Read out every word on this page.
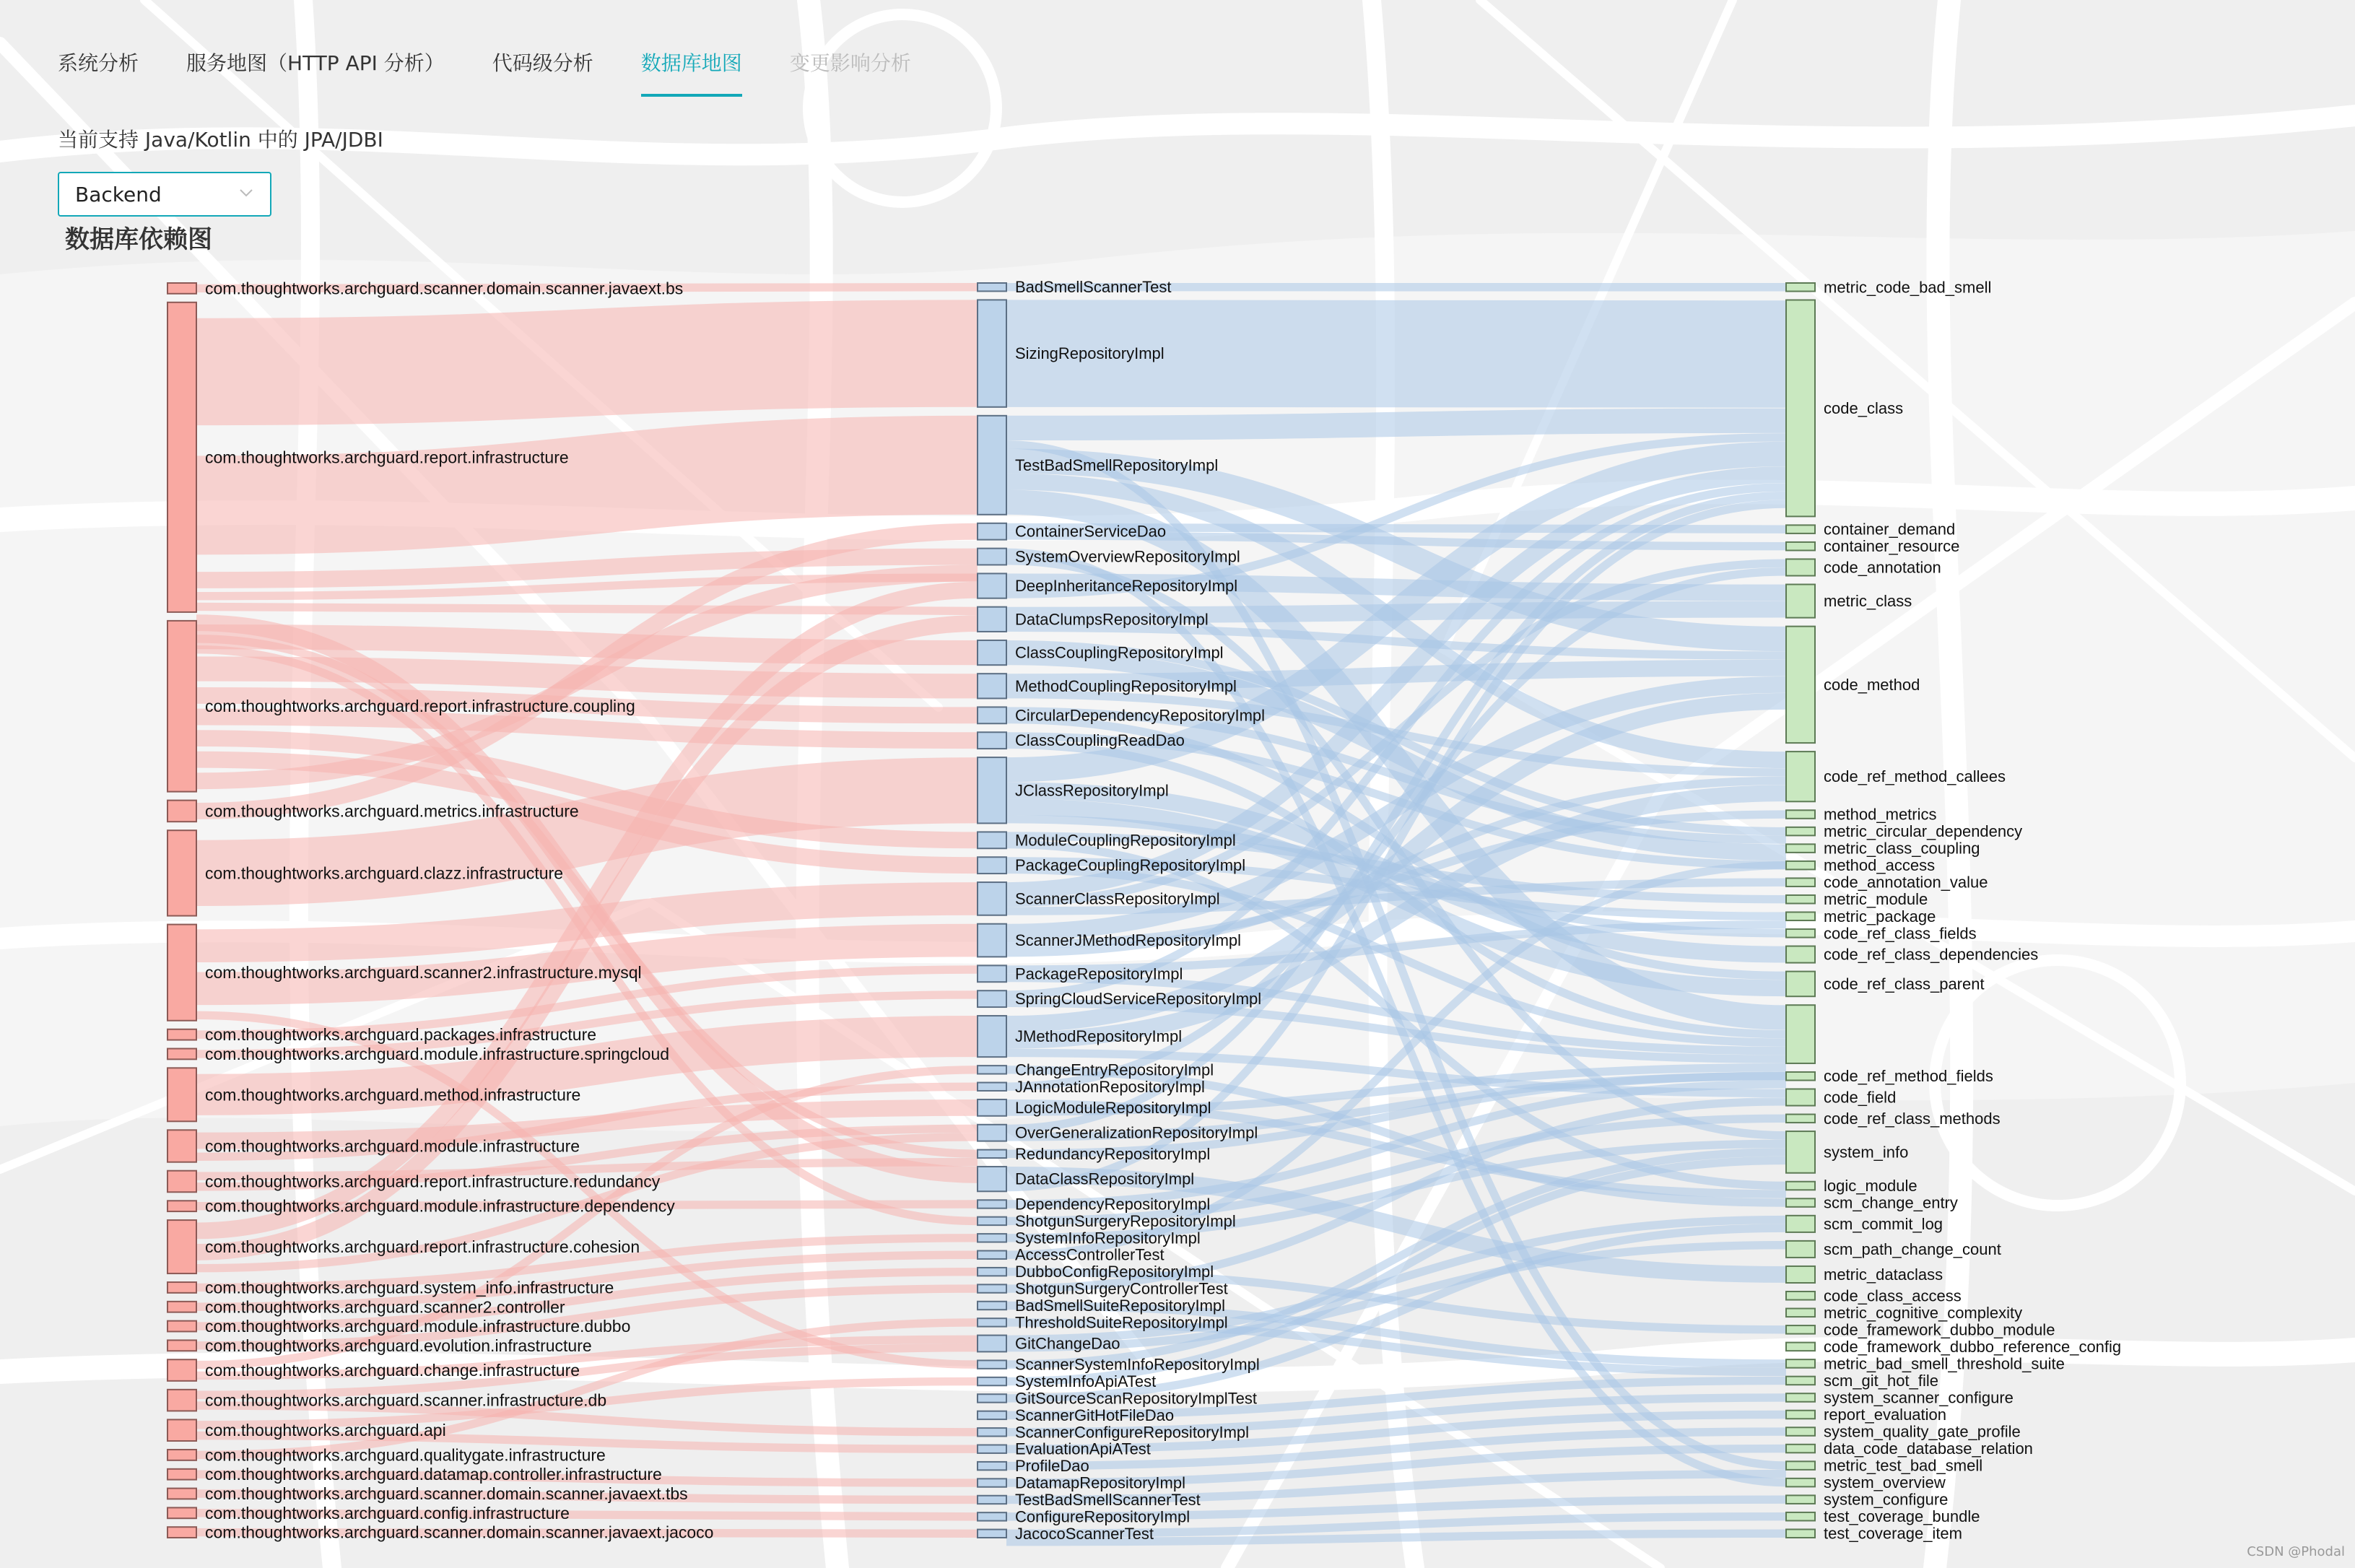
系统分析 服务地图（HTTP API 分析） 代码级分析 数据库地图 变更影响分析
当前支持 Java/Kotlin 中的 JPA/JDBI
Backend
数据库依赖图
com.thoughtworks.archguard.scanner.domain.scanner.javaext.bs
com.thoughtworks.archguard.report.infrastructure
com.thoughtworks.archguard.report.infrastructure.coupling
com.thoughtworks.archguard.metrics.infrastructure
com.thoughtworks.archguard.clazz.infrastructure
com.thoughtworks.archguard.scanner2.infrastructure.mysql
com.thoughtworks.archguard.packages.infrastructure
com.thoughtworks.archguard.module.infrastructure.springcloud
com.thoughtworks.archguard.method.infrastructure
com.thoughtworks.archguard.module.infrastructure
com.thoughtworks.archguard.report.infrastructure.redundancy
com.thoughtworks.archguard.module.infrastructure.dependency
com.thoughtworks.archguard.report.infrastructure.cohesion
com.thoughtworks.archguard.system_info.infrastructure
com.thoughtworks.archguard.scanner2.controller
com.thoughtworks.archguard.module.infrastructure.dubbo
com.thoughtworks.archguard.evolution.infrastructure
com.thoughtworks.archguard.change.infrastructure
com.thoughtworks.archguard.scanner.infrastructure.db
com.thoughtworks.archguard.api
com.thoughtworks.archguard.qualitygate.infrastructure
com.thoughtworks.archguard.datamap.controller.infrastructure
com.thoughtworks.archguard.scanner.domain.scanner.javaext.tbs
com.thoughtworks.archguard.config.infrastructure
com.thoughtworks.archguard.scanner.domain.scanner.javaext.jacoco
BadSmellScannerTest
SizingRepositoryImpl
TestBadSmellRepositoryImpl
ContainerServiceDao
SystemOverviewRepositoryImpl
DeepInheritanceRepositoryImpl
DataClumpsRepositoryImpl
ClassCouplingRepositoryImpl
MethodCouplingRepositoryImpl
CircularDependencyRepositoryImpl
ClassCouplingReadDao
JClassRepositoryImpl
ModuleCouplingRepositoryImpl
PackageCouplingRepositoryImpl
ScannerClassRepositoryImpl
ScannerJMethodRepositoryImpl
PackageRepositoryImpl
SpringCloudServiceRepositoryImpl
JMethodRepositoryImpl
ChangeEntryRepositoryImpl
JAnnotationRepositoryImpl
LogicModuleRepositoryImpl
OverGeneralizationRepositoryImpl
RedundancyRepositoryImpl
DataClassRepositoryImpl
DependencyRepositoryImpl
ShotgunSurgeryRepositoryImpl
SystemInfoRepositoryImpl
AccessControllerTest
DubboConfigRepositoryImpl
ShotgunSurgeryControllerTest
BadSmellSuiteRepositoryImpl
ThresholdSuiteRepositoryImpl
GitChangeDao
ScannerSystemInfoRepositoryImpl
SystemInfoApiATest
GitSourceScanRepositoryImplTest
ScannerGitHotFileDao
ScannerConfigureRepositoryImpl
EvaluationApiATest
ProfileDao
DatamapRepositoryImpl
TestBadSmellScannerTest
ConfigureRepositoryImpl
JacocoScannerTest
metric_code_bad_smell
code_class
container_demand
container_resource
code_annotation
metric_class
code_method
code_ref_method_callees
method_metrics
metric_circular_dependency
metric_class_coupling
method_access
code_annotation_value
metric_module
metric_package
code_ref_class_fields
code_ref_class_dependencies
code_ref_class_parent
code_ref_method_fields
code_field
code_ref_class_methods
system_info
logic_module
scm_change_entry
scm_commit_log
scm_path_change_count
metric_dataclass
code_class_access
metric_cognitive_complexity
code_framework_dubbo_module
code_framework_dubbo_reference_config
metric_bad_smell_threshold_suite
scm_git_hot_file
system_scanner_configure
report_evaluation
system_quality_gate_profile
data_code_database_relation
metric_test_bad_smell
system_overview
system_configure
test_coverage_bundle
test_coverage_item
CSDN @Phodal
